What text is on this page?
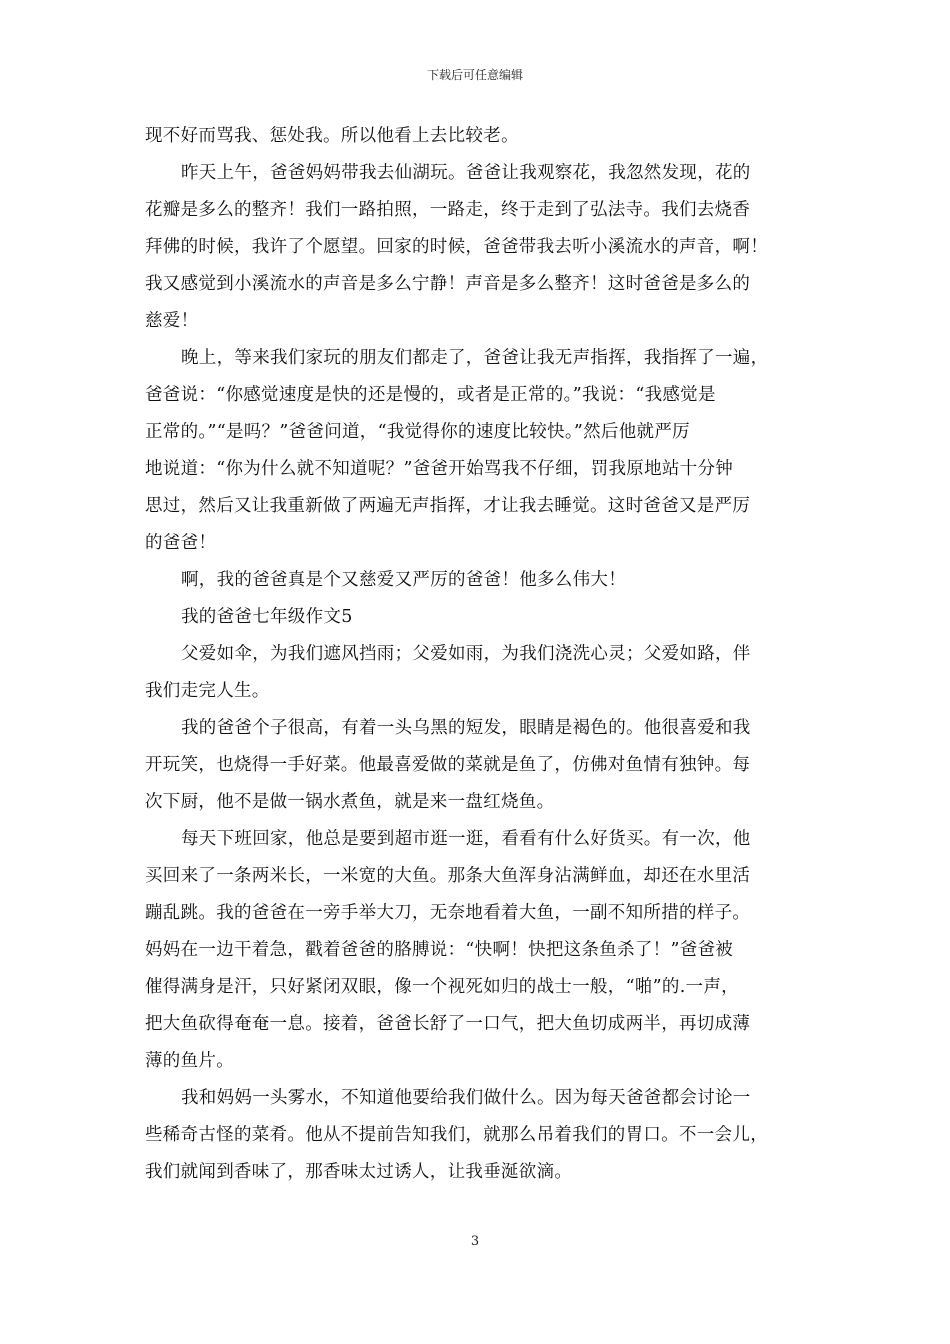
下载后可任意编辑
现不好而骂我、惩处我。所以他看上去比较老。
昨天上午，爸爸妈妈带我去仙湖玩。爸爸让我观察花，我忽然发现，花的
花瓣是多么的整齐！我们一路拍照，一路走，终于走到了弘法寺。我们去烧香
拜佛的时候，我许了个愿望。回家的时候，爸爸带我去听小溪流水的声音，啊！
我又感觉到小溪流水的声音是多么宁静！声音是多么整齐！这时爸爸是多么的
慈爱！
晚上，等来我们家玩的朋友们都走了，爸爸让我无声指挥，我指挥了一遍，
爸爸说：“你感觉速度是快的还是慢的，或者是正常的。”我说：“我感觉是
正常的。”“是吗？”爸爸问道，“我觉得你的速度比较快。”然后他就严厉
地说道：“你为什么就不知道呢？”爸爸开始骂我不仔细，罚我原地站十分钟
思过，然后又让我重新做了两遍无声指挥，才让我去睡觉。这时爸爸又是严厉
的爸爸！
啊，我的爸爸真是个又慈爱又严厉的爸爸！他多么伟大！
我的爸爸七年级作文5
父爱如伞，为我们遮风挡雨；父爱如雨，为我们浇洗心灵；父爱如路，伴
我们走完人生。
我的爸爸个子很高，有着一头乌黑的短发，眼睛是褐色的。他很喜爱和我
开玩笑，也烧得一手好菜。他最喜爱做的菜就是鱼了，仿佛对鱼情有独钟。每
次下厨，他不是做一锅水煮鱼，就是来一盘红烧鱼。
每天下班回家，他总是要到超市逛一逛，看看有什么好货买。有一次，他
买回来了一条两米长，一米宽的大鱼。那条大鱼浑身沾满鲜血，却还在水里活
蹦乱跳。我的爸爸在一旁手举大刀，无奈地看着大鱼，一副不知所措的样子。
妈妈在一边干着急，戳着爸爸的胳膊说：“快啊！快把这条鱼杀了！”爸爸被
催得满身是汗，只好紧闭双眼，像一个视死如归的战士一般，“啪”的.一声，
把大鱼砍得奄奄一息。接着，爸爸长舒了一口气，把大鱼切成两半，再切成薄
薄的鱼片。
我和妈妈一头雾水，不知道他要给我们做什么。因为每天爸爸都会讨论一
些稀奇古怪的菜肴。他从不提前告知我们，就那么吊着我们的胃口。不一会儿，
我们就闻到香味了，那香味太过诱人，让我垂涎欲滴。
3
